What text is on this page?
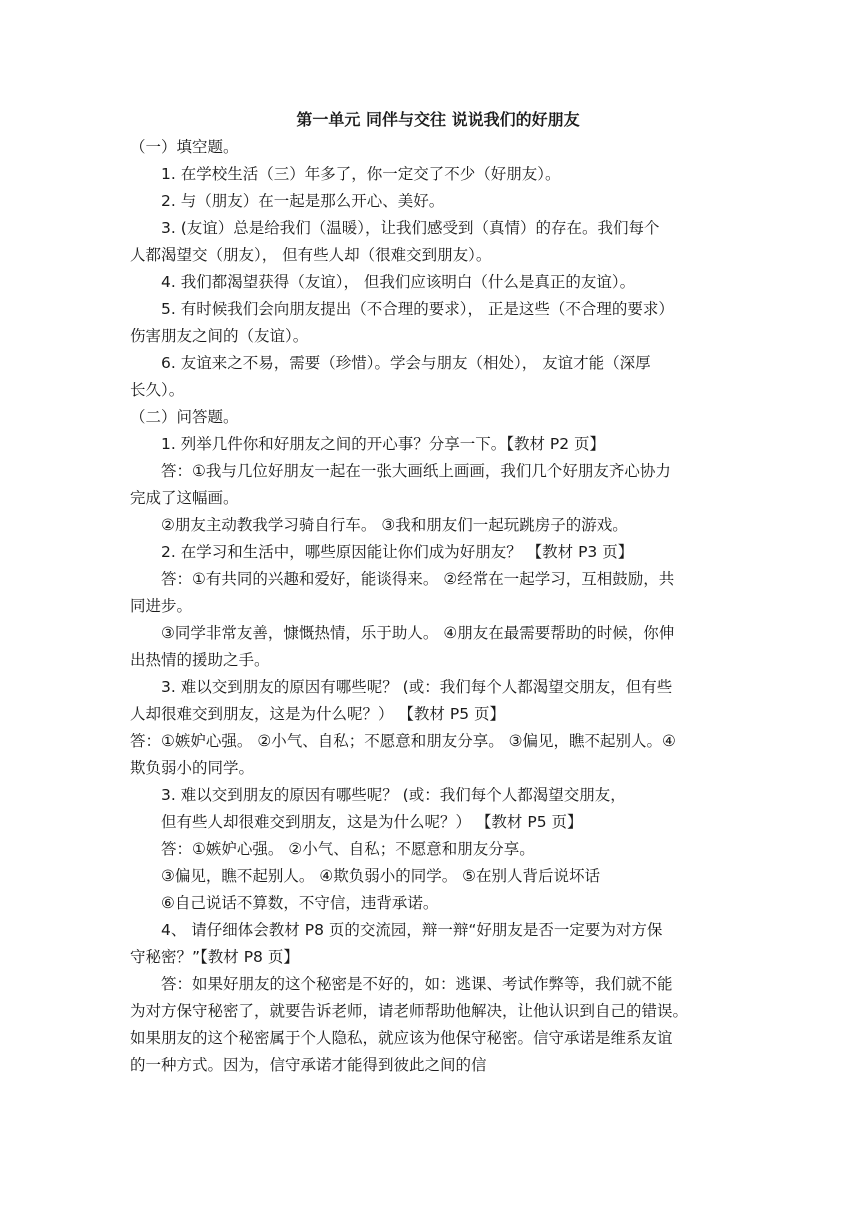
第一单元 同伴与交往 说说我们的好朋友

（一）填空题。

1. 在学校生活（三）年多了，你一定交了不少（好朋友）。

2. 与（朋友）在一起是那么开心、美好。

3. (友谊）总是给我们（温暖），让我们感受到（真情）的存在。我们每个

人都渴望交（朋友）， 但有些人却（很难交到朋友）。

4. 我们都渴望获得（友谊）， 但我们应该明白（什么是真正的友谊）。

5. 有时候我们会向朋友提出（不合理的要求）， 正是这些（不合理的要求）

伤害朋友之间的（友谊）。

6. 友谊来之不易，需要（珍惜）。学会与朋友（相处）， 友谊才能（深厚

长久）。

（二）问答题。

1. 列举几件你和好朋友之间的开心事？分享一下。【教材 P2 页】

答：①我与几位好朋友一起在一张大画纸上画画，我们几个好朋友齐心协力

完成了这幅画。

②朋友主动教我学习骑自行车。 ③我和朋友们一起玩跳房子的游戏。

2. 在学习和生活中，哪些原因能让你们成为好朋友？ 【教材 P3 页】

答：①有共同的兴趣和爱好，能谈得来。 ②经常在一起学习，互相鼓励，共

同进步。

③同学非常友善，慷慨热情，乐于助人。 ④朋友在最需要帮助的时候，你伸

出热情的援助之手。

3. 难以交到朋友的原因有哪些呢？ (或：我们每个人都渴望交朋友，但有些

人却很难交到朋友，这是为什么呢？） 【教材 P5 页】

答：①嫉妒心强。 ②小气、自私；不愿意和朋友分享。 ③偏见，瞧不起别人。④

欺负弱小的同学。

3. 难以交到朋友的原因有哪些呢？ (或：我们每个人都渴望交朋友，

但有些人却很难交到朋友，这是为什么呢？） 【教材 P5 页】

答：①嫉妒心强。 ②小气、自私；不愿意和朋友分享。

③偏见，瞧不起别人。 ④欺负弱小的同学。 ⑤在别人背后说坏话

⑥自己说话不算数，不守信，违背承诺。

4、 请仔细体会教材 P8 页的交流园，辩一辩“好朋友是否一定要为对方保

守秘密？”【教材 P8 页】

答：如果好朋友的这个秘密是不好的，如：逃课、考试作弊等，我们就不能

为对方保守秘密了，就要告诉老师，请老师帮助他解决，让他认识到自己的错误。

如果朋友的这个秘密属于个人隐私，就应该为他保守秘密。信守承诺是维系友谊

的一种方式。因为，信守承诺才能得到彼此之间的信
